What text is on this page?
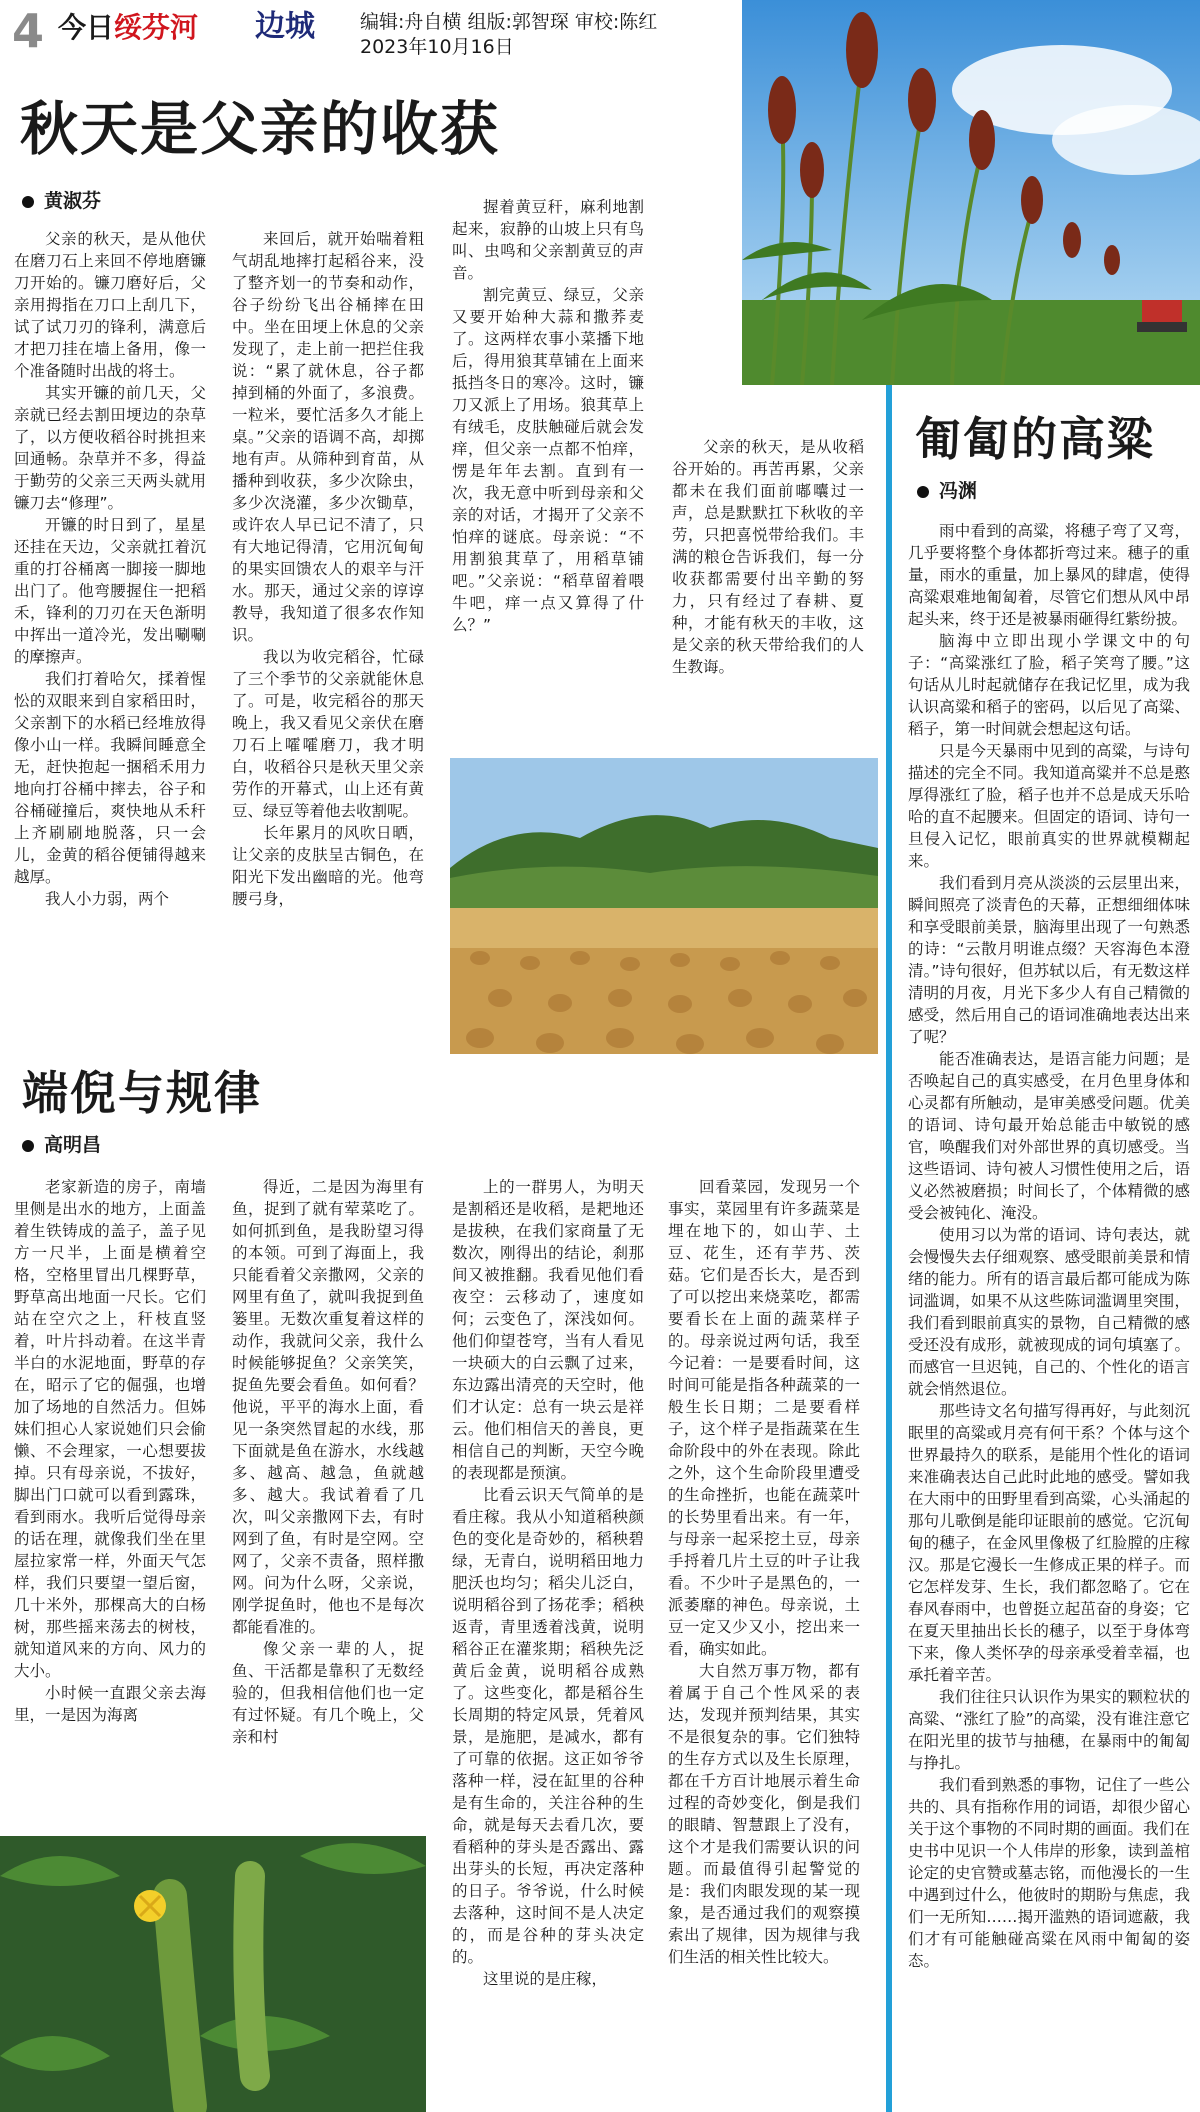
4 今日绥芬河 边城 编辑:舟自横 组版:郭智琛 审校:陈红
2023年10月16日
秋天是父亲的收获
黄淑芬

父亲的秋天，是从他伏在磨刀石上来回不停地磨镰刀开始的。镰刀磨好后，父亲用拇指在刀口上刮几下，试了试刀刃的锋利，满意后才把刀挂在墙上备用，像一个准备随时出战的将士。

其实开镰的前几天，父亲就已经去割田埂边的杂草了，以方便收稻谷时挑担来回通畅。杂草并不多，得益于勤劳的父亲三天两头就用镰刀去“修理”。

开镰的时日到了，星星还挂在天边，父亲就扛着沉重的打谷桶离一脚接一脚地出门了。他弯腰握住一把稻禾，锋利的刀刃在天色渐明中挥出一道冷光，发出唰唰的摩擦声。

我们打着哈欠，揉着惺忪的双眼来到自家稻田时，父亲割下的水稻已经堆放得像小山一样。我瞬间睡意全无，赶快抱起一捆稻禾用力地向打谷桶中摔去，谷子和谷桶碰撞后，爽快地从禾秆上齐刷刷地脱落，只一会儿，金黄的稻谷便铺得越来越厚。

我人小力弱，两个

来回后，就开始喘着粗气胡乱地摔打起稻谷来，没了整齐划一的节奏和动作，谷子纷纷飞出谷桶摔在田中。坐在田埂上休息的父亲发现了，走上前一把拦住我说：“累了就休息，谷子都掉到桶的外面了，多浪费。一粒米，要忙活多久才能上桌。”父亲的语调不高，却掷地有声。从筛种到育苗，从播种到收获，多少次除虫，多少次浇灌，多少次锄草，或许农人早已记不清了，只有大地记得清，它用沉甸甸的果实回馈农人的艰辛与汗水。那天，通过父亲的谆谆教导，我知道了很多农作知识。

我以为收完稻谷，忙碌了三个季节的父亲就能休息了。可是，收完稻谷的那天晚上，我又看见父亲伏在磨刀石上嚯嚯磨刀，我才明白，收稻谷只是秋天里父亲劳作的开幕式，山上还有黄豆、绿豆等着他去收割呢。

长年累月的风吹日晒，让父亲的皮肤呈古铜色，在阳光下发出幽暗的光。他弯腰弓身，

握着黄豆秆，麻利地割起来，寂静的山坡上只有鸟叫、虫鸣和父亲割黄豆的声音。

割完黄豆、绿豆，父亲又要开始种大蒜和撒荞麦了。这两样农事小菜播下地后，得用狼萁草铺在上面来抵挡冬日的寒冷。这时，镰刀又派上了用场。狼萁草上有绒毛，皮肤触碰后就会发痒，但父亲一点都不怕痒，愣是年年去割。直到有一次，我无意中听到母亲和父亲的对话，才揭开了父亲不怕痒的谜底。母亲说：“不用割狼萁草了，用稻草铺吧。”父亲说：“稻草留着喂牛吧，痒一点又算得了什么？”

父亲的秋天，是从收稻谷开始的。再苦再累，父亲都未在我们面前嘟囔过一声，总是默默扛下秋收的辛劳，只把喜悦带给我们。丰满的粮仓告诉我们，每一分收获都需要付出辛勤的努力，只有经过了春耕、夏种，才能有秋天的丰收，这是父亲的秋天带给我们的人生教诲。

端倪与规律
高明昌

老家新造的房子，南墙里侧是出水的地方，上面盖着生铁铸成的盖子，盖子见方一尺半，上面是横着空格，空格里冒出几棵野草，野草高出地面一尺长。它们站在空穴之上，秆枝直竖着，叶片抖动着。在这半青半白的水泥地面，野草的存在，昭示了它的倔强，也增加了场地的自然活力。但姊妹们担心人家说她们只会偷懒、不会理家，一心想要拔掉。只有母亲说，不拔好，脚出门口就可以看到露珠，看到雨水。我听后觉得母亲的话在理，就像我们坐在里屋拉家常一样，外面天气怎样，我们只要望一望后窗，几十米外，那棵高大的白杨树，那些摇来荡去的树枝，就知道风来的方向、风力的大小。

小时候一直跟父亲去海里，一是因为海离

得近，二是因为海里有鱼，捉到了就有荤菜吃了。如何抓到鱼，是我盼望习得的本领。可到了海面上，我只能看着父亲撒网，父亲的网里有鱼了，就叫我捉到鱼篓里。无数次重复着这样的动作，我就问父亲，我什么时候能够捉鱼？父亲笑笑，捉鱼先要会看鱼。如何看？他说，平平的海水上面，看见一条突然冒起的水线，那下面就是鱼在游水，水线越多、越高、越急，鱼就越多、越大。我试着看了几次，叫父亲撒网下去，有时网到了鱼，有时是空网。空网了，父亲不责备，照样撒网。问为什么呀，父亲说，刚学捉鱼时，他也不是每次都能看准的。

像父亲一辈的人，捉鱼、干活都是靠积了无数经验的，但我相信他们也一定有过怀疑。有几个晚上，父亲和村

上的一群男人，为明天是割稻还是收稻，是耙地还是拔秧，在我们家商量了无数次，刚得出的结论，刹那间又被推翻。我看见他们看夜空：云移动了，速度如何；云变色了，深浅如何。他们仰望苍穹，当有人看见一块硕大的白云飘了过来，东边露出清亮的天空时，他们才认定：总有一块云是祥云。他们相信天的善良，更相信自己的判断，天空今晚的表现都是预演。

比看云识天气简单的是看庄稼。我从小知道稻秧颜色的变化是奇妙的，稻秧碧绿，无青白，说明稻田地力肥沃也均匀；稻尖儿泛白，说明稻谷到了扬花季；稻秧返青，青里透着浅黄，说明稻谷正在灌浆期；稻秧先泛黄后金黄，说明稻谷成熟了。这些变化，都是稻谷生长周期的特定风景，凭着风景，是施肥，是减水，都有了可靠的依据。这正如爷爷落种一样，浸在缸里的谷种是有生命的，关注谷种的生命，就是每天去看几次，要看稻种的芽头是否露出、露出芽头的长短，再决定落种的日子。爷爷说，什么时候去落种，这时间不是人决定的，而是谷种的芽头决定的。

这里说的是庄稼，

回看菜园，发现另一个事实，菜园里有许多蔬菜是埋在地下的，如山芋、土豆、花生，还有芋艿、茨菇。它们是否长大，是否到了可以挖出来烧菜吃，都需要看长在上面的蔬菜样子的。母亲说过两句话，我至今记着：一是要看时间，这时间可能是指各种蔬菜的一般生长日期；二是要看样子，这个样子是指蔬菜在生命阶段中的外在表现。除此之外，这个生命阶段里遭受的生命挫折，也能在蔬菜叶的长势里看出来。有一年，与母亲一起采挖土豆，母亲手捋着几片土豆的叶子让我看。不少叶子是黑色的，一派萎靡的神色。母亲说，土豆一定又少又小，挖出来一看，确实如此。

大自然万事万物，都有着属于自己个性风采的表达，发现并预判结果，其实不是很复杂的事。它们独特的生存方式以及生长原理，都在千方百计地展示着生命过程的奇妙变化，倒是我们的眼睛、智慧跟上了没有，这个才是我们需要认识的问题。而最值得引起警觉的是：我们肉眼发现的某一现象，是否通过我们的观察摸索出了规律，因为规律与我们生活的相关性比较大。

匍匐的高粱
冯渊

雨中看到的高粱，将穗子弯了又弯，几乎要将整个身体都折弯过来。穗子的重量，雨水的重量，加上暴风的肆虐，使得高粱艰难地匍匐着，尽管它们想从风中昂起头来，终于还是被暴雨砸得红紫纷披。

脑海中立即出现小学课文中的句子：“高粱涨红了脸，稻子笑弯了腰。”这句话从儿时起就储存在我记忆里，成为我认识高粱和稻子的密码，以后见了高粱、稻子，第一时间就会想起这句话。

只是今天暴雨中见到的高粱，与诗句描述的完全不同。我知道高粱并不总是憨厚得涨红了脸，稻子也并不总是成天乐哈哈的直不起腰来。但固定的语词、诗句一旦侵入记忆，眼前真实的世界就模糊起来。

我们看到月亮从淡淡的云层里出来，瞬间照亮了淡青色的天幕，正想细细体味和享受眼前美景，脑海里出现了一句熟悉的诗：“云散月明谁点缀？天容海色本澄清。”诗句很好，但苏轼以后，有无数这样清明的月夜，月光下多少人有自己精微的感受，然后用自己的语词准确地表达出来了呢？

能否准确表达，是语言能力问题；是否唤起自己的真实感受，在月色里身体和心灵都有所触动，是审美感受问题。优美的语词、诗句最开始总能击中敏锐的感官，唤醒我们对外部世界的真切感受。当这些语词、诗句被人习惯性使用之后，语义必然被磨损；时间长了，个体精微的感受会被钝化、淹没。

使用习以为常的语词、诗句表达，就会慢慢失去仔细观察、感受眼前美景和情绪的能力。所有的语言最后都可能成为陈词滥调，如果不从这些陈词滥调里突围，我们看到眼前真实的景物，自己精微的感受还没有成形，就被现成的词句填塞了。而感官一旦迟钝，自己的、个性化的语言就会悄然退位。

那些诗文名句描写得再好，与此刻沉眠里的高粱或月亮有何干系？个体与这个世界最持久的联系，是能用个性化的语词来准确表达自己此时此地的感受。譬如我在大雨中的田野里看到高粱，心头涌起的那句儿歌倒是能印证眼前的感觉。它沉甸甸的穗子，在金风里像极了红脸膛的庄稼汉。那是它漫长一生修成正果的样子。而它怎样发芽、生长，我们都忽略了。它在春风春雨中，也曾挺立起茁奋的身姿；它在夏天里抽出长长的穗子，以至于身体弯下来，像人类怀孕的母亲承受着幸福，也承托着辛苦。

我们往往只认识作为果实的颗粒状的高粱、“涨红了脸”的高粱，没有谁注意它在阳光里的拔节与抽穗，在暴雨中的匍匐与挣扎。

我们看到熟悉的事物，记住了一些公共的、具有指称作用的词语，却很少留心关于这个事物的不同时期的画面。我们在史书中见识一个人伟岸的形象，读到盖棺论定的史官赞或墓志铭，而他漫长的一生中遇到过什么，他彼时的期盼与焦虑，我们一无所知……揭开滥熟的语词遮蔽，我们才有可能触碰高粱在风雨中匍匐的姿态。
